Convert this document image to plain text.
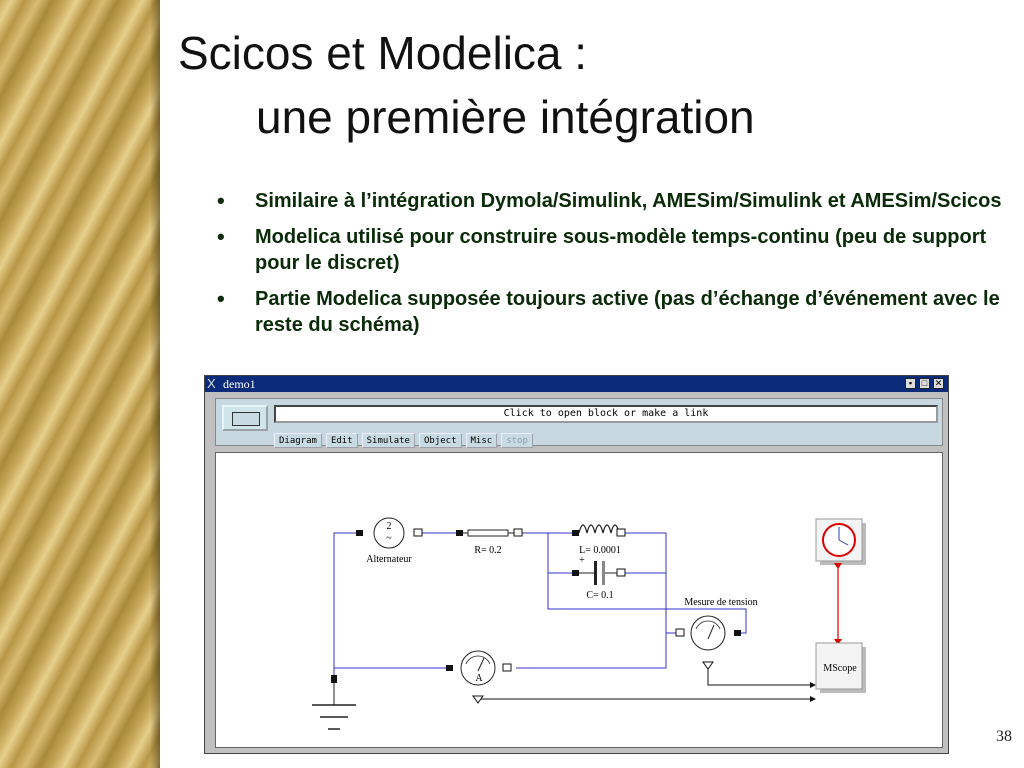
Scicos et Modelica :
une première intégration
• Similaire à l’intégration Dymola/Simulink, AMESim/Simulink et AMESim/Scicos
• Modelica utilisé pour construire sous-modèle temps-continu (peu de support pour le discret)
• Partie Modelica supposée toujours active (pas d’échange d’événement avec le reste du schéma)
X demo1	▪	□ ✕
Click to open block or make a link
Diagram Edit Simulate Object Misc stop
2
~
Alternateur
R= 0.2	L= 0.0001
+
C= 0.1
Mesure de tension
A
MScope
38
